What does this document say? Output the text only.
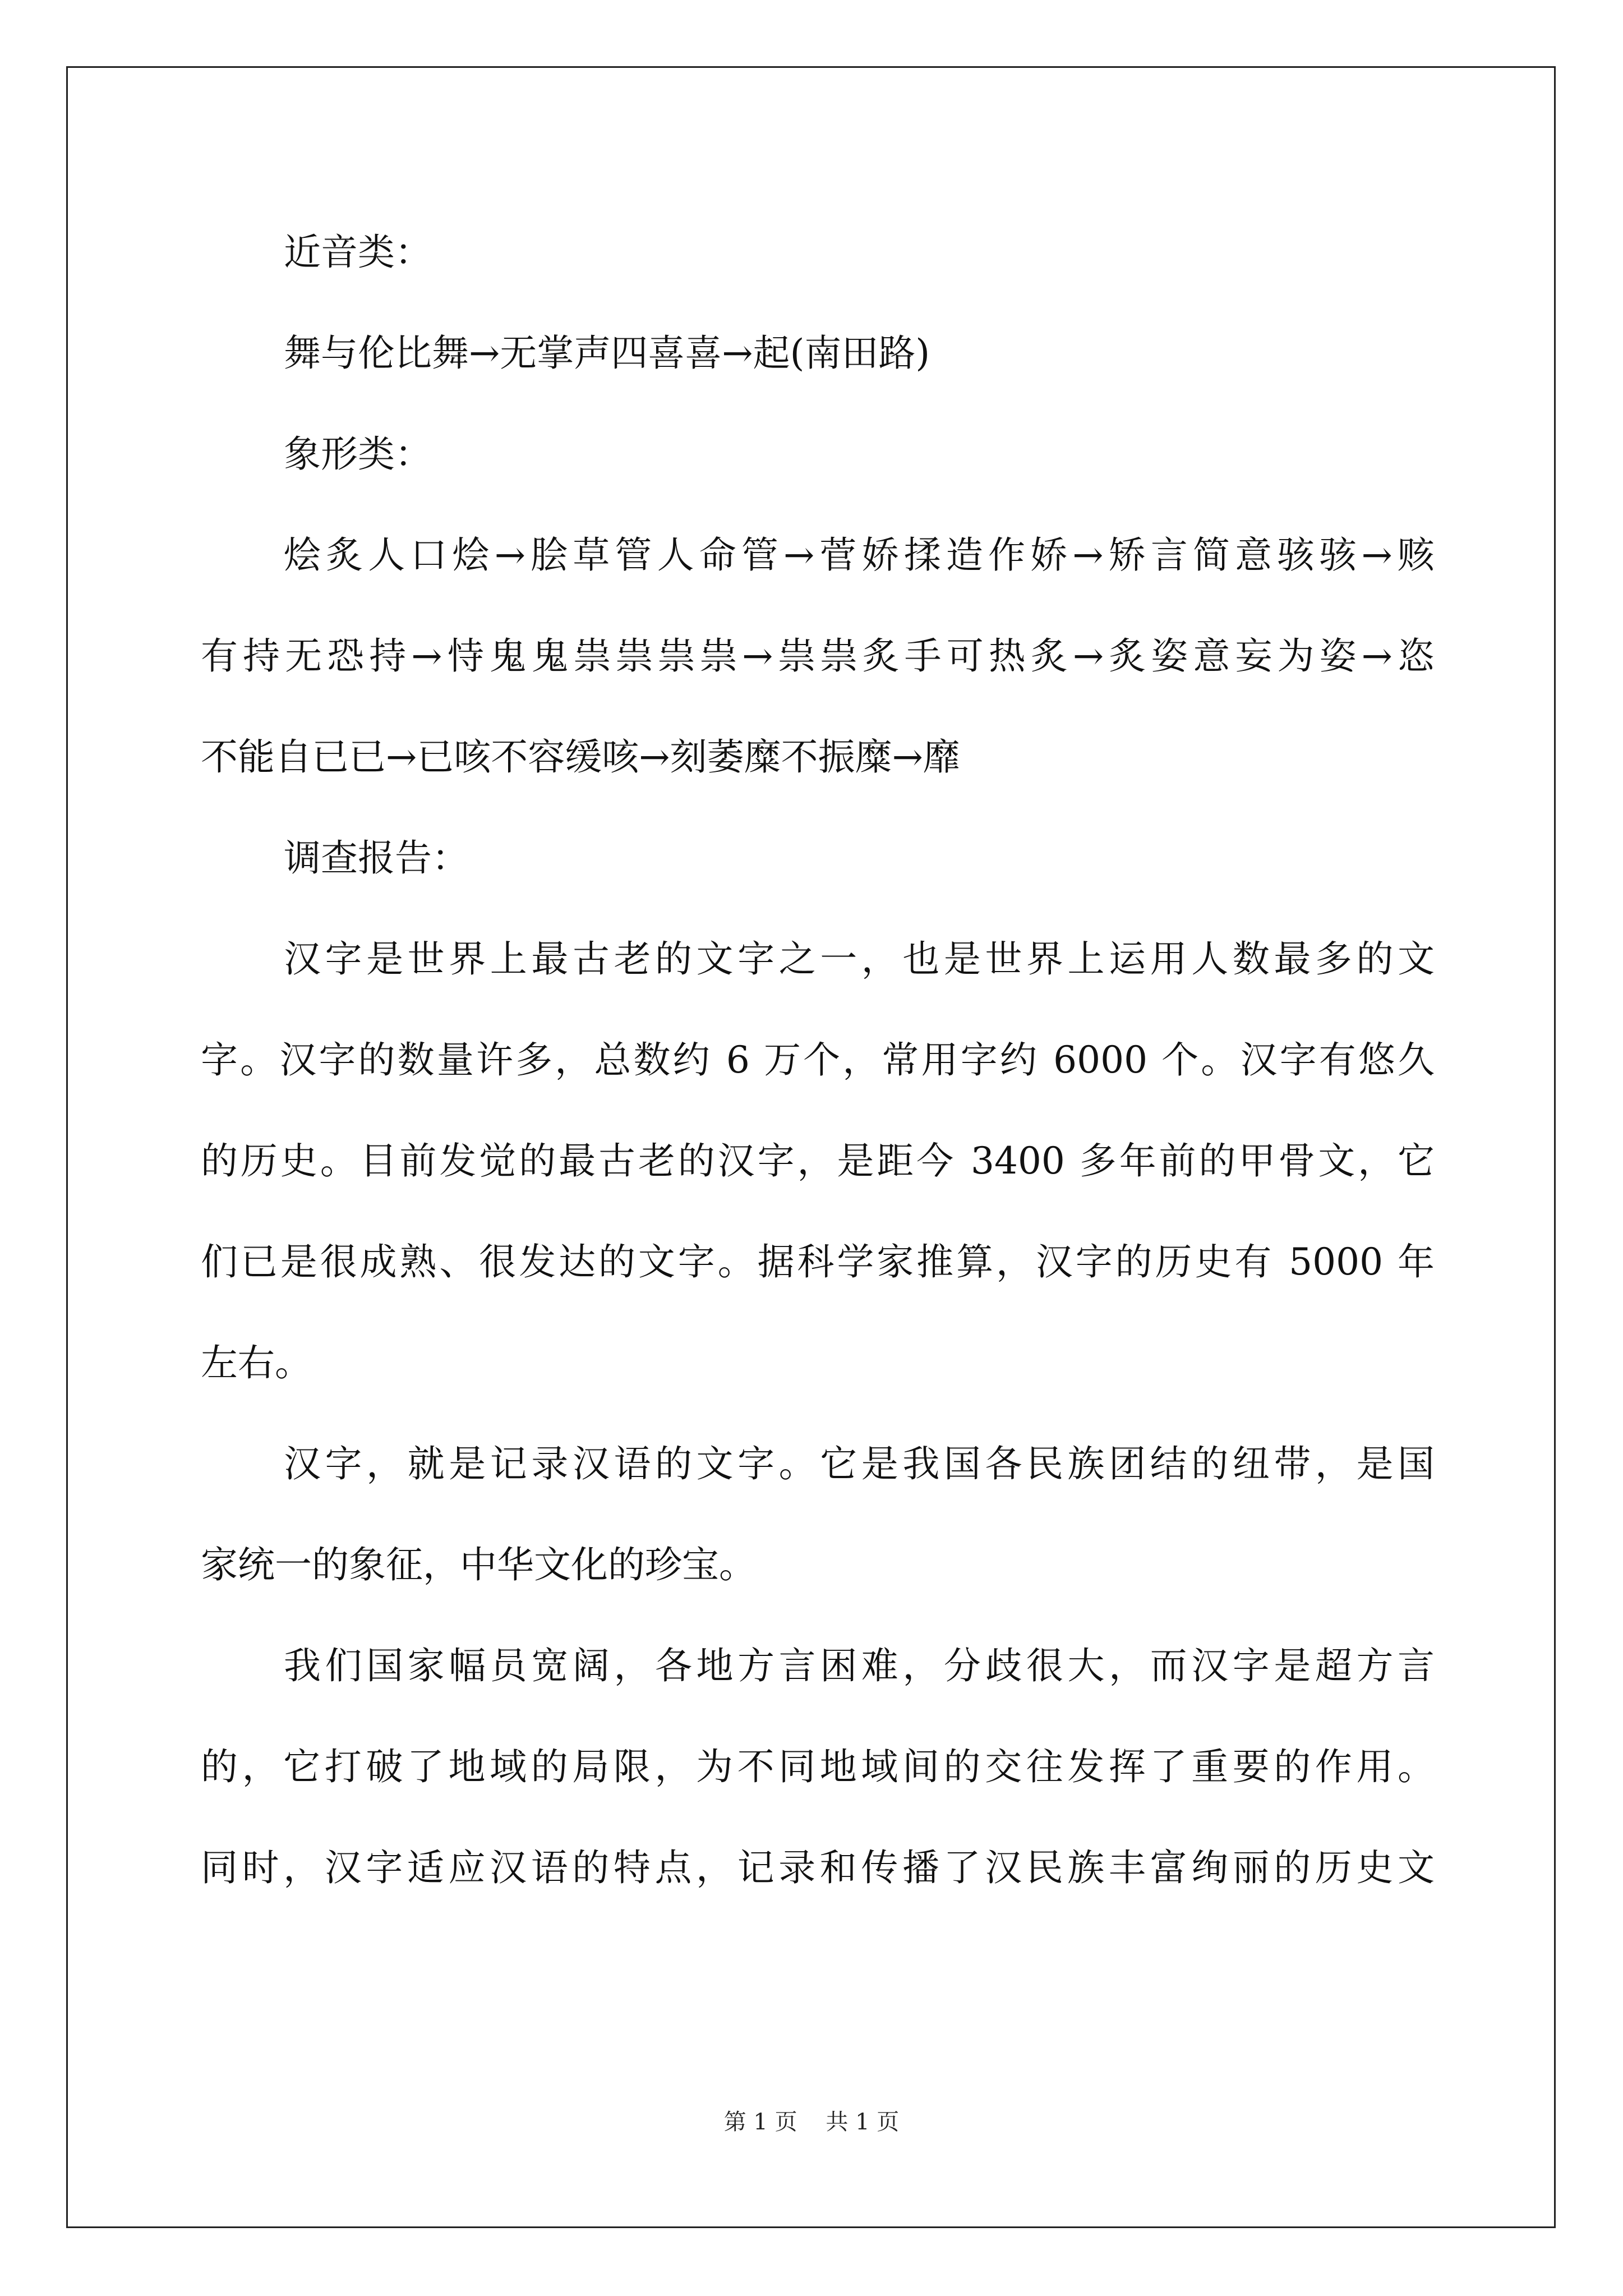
近音类：
舞与伦比舞→无掌声四喜喜→起(南田路)
象形类：
烩炙人口烩→脍草管人命管→菅娇揉造作娇→矫言简意骇骇→赅
有持无恐持→恃鬼鬼祟祟祟祟→祟祟炙手可热炙→炙姿意妄为姿→恣
不能自已已→已咳不容缓咳→刻萎糜不振糜→靡
调查报告：
汉字是世界上最古老的文字之一，也是世界上运用人数最多的文
字。汉字的数量许多，总数约 6 万个，常用字约 6000 个。汉字有悠久
的历史。目前发觉的最古老的汉字，是距今 3400 多年前的甲骨文，它
们已是很成熟、很发达的文字。据科学家推算，汉字的历史有 5000 年
左右。
汉字，就是记录汉语的文字。它是我国各民族团结的纽带，是国
家统一的象征，中华文化的珍宝。
我们国家幅员宽阔，各地方言困难，分歧很大，而汉字是超方言
的，它打破了地域的局限，为不同地域间的交往发挥了重要的作用。
同时，汉字适应汉语的特点，记录和传播了汉民族丰富绚丽的历史文
第 1 页    共 1 页
